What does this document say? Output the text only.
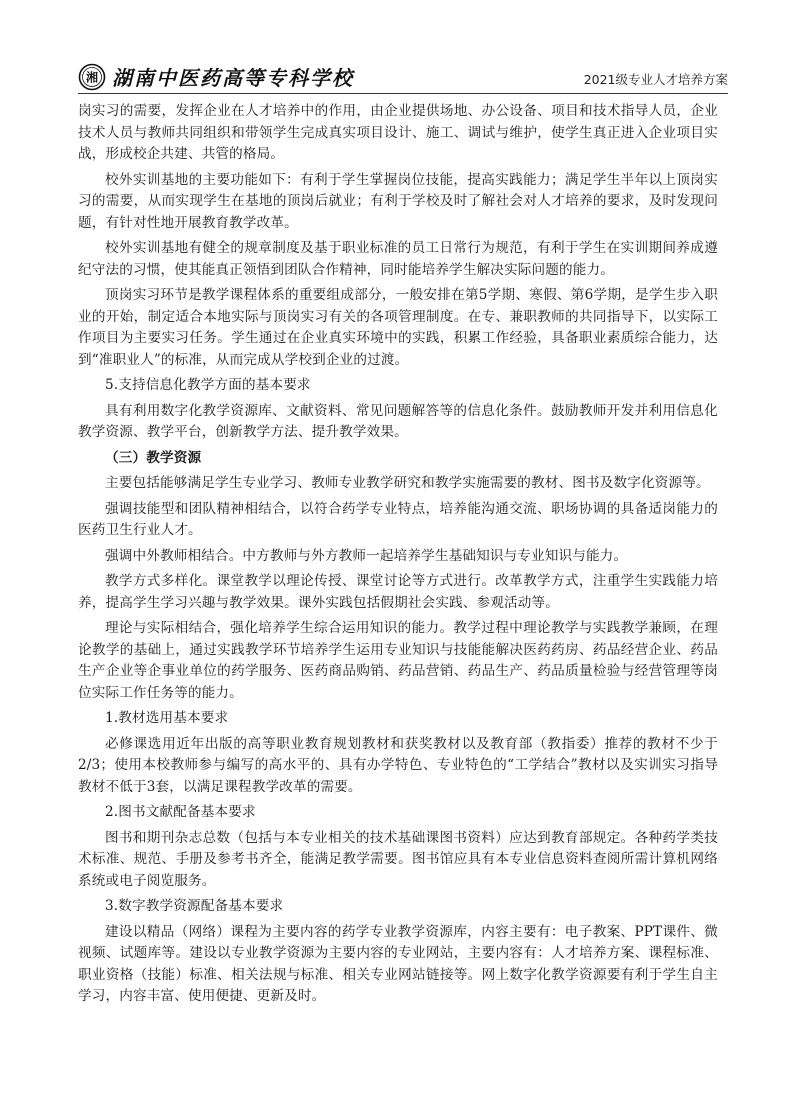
湘 湖南中医药高等专科学校	2021级专业人才培养方案

岗实习的需要，发挥企业在人才培养中的作用，由企业提供场地、办公设备、项目和技术指导人员，企业技术人员与教师共同组织和带领学生完成真实项目设计、施工、调试与维护，使学生真正进入企业项目实战，形成校企共建、共管的格局。

校外实训基地的主要功能如下：有利于学生掌握岗位技能，提高实践能力；满足学生半年以上顶岗实习的需要，从而实现学生在基地的顶岗后就业；有利于学校及时了解社会对人才培养的要求，及时发现问题，有针对性地开展教育教学改革。

校外实训基地有健全的规章制度及基于职业标准的员工日常行为规范，有利于学生在实训期间养成遵纪守法的习惯，使其能真正领悟到团队合作精神，同时能培养学生解决实际问题的能力。

顶岗实习环节是教学课程体系的重要组成部分，一般安排在第5学期、寒假、第6学期，是学生步入职业的开始，制定适合本地实际与顶岗实习有关的各项管理制度。在专、兼职教师的共同指导下，以实际工作项目为主要实习任务。学生通过在企业真实环境中的实践，积累工作经验，具备职业素质综合能力，达到“准职业人”的标准，从而完成从学校到企业的过渡。

5.支持信息化教学方面的基本要求

具有利用数字化教学资源库、文献资料、常见问题解答等的信息化条件。鼓励教师开发并利用信息化教学资源、教学平台，创新教学方法、提升教学效果。

（三）教学资源

主要包括能够满足学生专业学习、教师专业教学研究和教学实施需要的教材、图书及数字化资源等。

强调技能型和团队精神相结合，以符合药学专业特点，培养能沟通交流、职场协调的具备适岗能力的医药卫生行业人才。

强调中外教师相结合。中方教师与外方教师一起培养学生基础知识与专业知识与能力。

教学方式多样化。课堂教学以理论传授、课堂讨论等方式进行。改革教学方式，注重学生实践能力培养，提高学生学习兴趣与教学效果。课外实践包括假期社会实践、参观活动等。

理论与实际相结合，强化培养学生综合运用知识的能力。教学过程中理论教学与实践教学兼顾，在理论教学的基础上，通过实践教学环节培养学生运用专业知识与技能能解决医药药房、药品经营企业、药品生产企业等企事业单位的药学服务、医药商品购销、药品营销、药品生产、药品质量检验与经营管理等岗位实际工作任务等的能力。

1.教材选用基本要求

必修课选用近年出版的高等职业教育规划教材和获奖教材以及教育部（教指委）推荐的教材不少于2/3；使用本校教师参与编写的高水平的、具有办学特色、专业特色的“工学结合”教材以及实训实习指导教材不低于3套，以满足课程教学改革的需要。

2.图书文献配备基本要求

图书和期刊杂志总数（包括与本专业相关的技术基础课图书资料）应达到教育部规定。各种药学类技术标准、规范、手册及参考书齐全，能满足教学需要。图书馆应具有本专业信息资料查阅所需计算机网络系统或电子阅览服务。

3.数字教学资源配备基本要求

建设以精品（网络）课程为主要内容的药学专业教学资源库，内容主要有：电子教案、PPT课件、微视频、试题库等。建设以专业教学资源为主要内容的专业网站，主要内容有：人才培养方案、课程标准、职业资格（技能）标准、相关法规与标准、相关专业网站链接等。网上数字化教学资源要有利于学生自主学习，内容丰富、使用便捷、更新及时。
